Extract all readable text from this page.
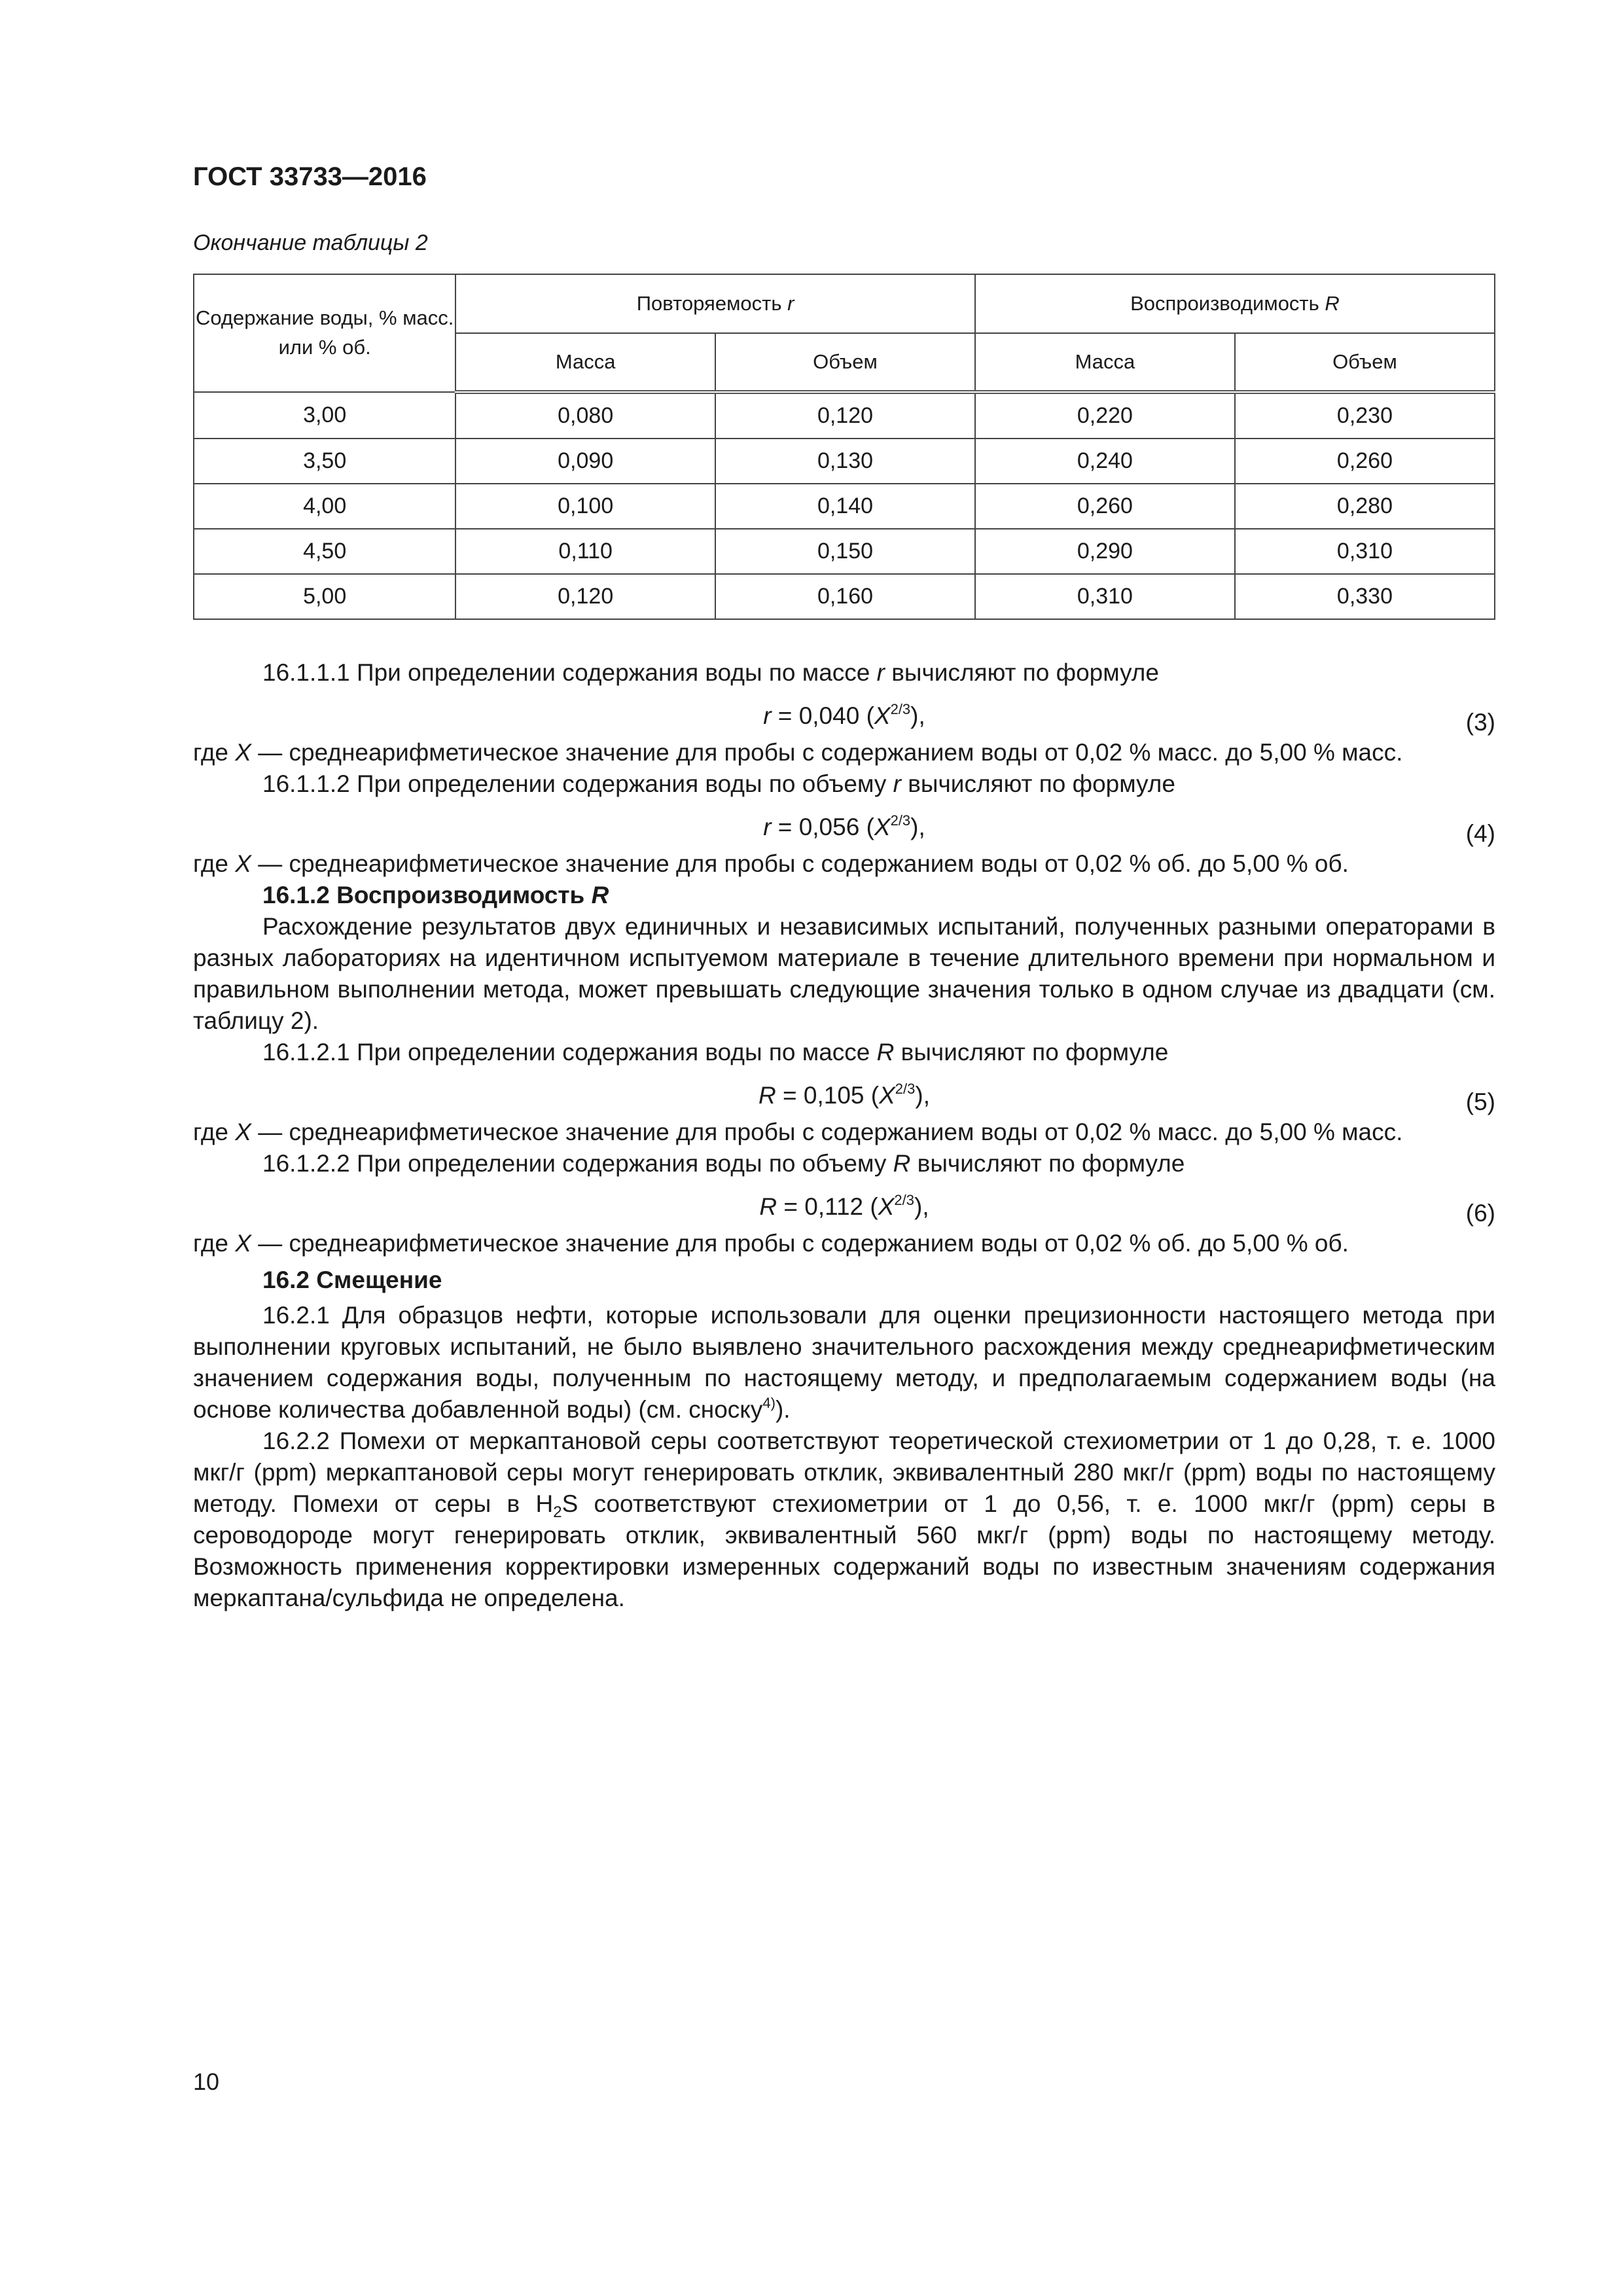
ГОСТ 33733—2016
Окончание таблицы 2
Содержание воды, % масс. или % об.	Повторяемость r		Воспроизводимость R	
	Масса	Объем	Масса	Объем
3,00	0,080	0,120	0,220	0,230
3,50	0,090	0,130	0,240	0,260
4,00	0,100	0,140	0,260	0,280
4,50	0,110	0,150	0,290	0,310
5,00	0,120	0,160	0,310	0,330

16.1.1.1 При определении содержания воды по массе r вычисляют по формуле

r = 0,040 $(X^{2/3})$,	(3)

где X — среднеарифметическое значение для пробы с содержанием воды от 0,02 % масс. до 5,00 % масс.

16.1.1.2 При определении содержания воды по объему r вычисляют по формуле

r = 0,056 $(X^{2/3})$,	(4)

где X — среднеарифметическое значение для пробы с содержанием воды от 0,02 % об. до 5,00 % об.

16.1.2 Воспроизводимость R

Расхождение результатов двух единичных и независимых испытаний, полученных разными операторами в разных лабораториях на идентичном испытуемом материале в течение длительного времени при нормальном и правильном выполнении метода, может превышать следующие значения только в одном случае из двадцати (см. таблицу 2).

16.1.2.1 При определении содержания воды по массе R вычисляют по формуле

R = 0,105 $(X^{2/3})$,	(5)

где X — среднеарифметическое значение для пробы с содержанием воды от 0,02 % масс. до 5,00 % масс.

16.1.2.2 При определении содержания воды по объему R вычисляют по формуле

R = 0,112 $(X^{2/3})$,	(6)

где X — среднеарифметическое значение для пробы с содержанием воды от 0,02 % об. до 5,00 % об.

16.2 Смещение

16.2.1 Для образцов нефти, которые использовали для оценки прецизионности настоящего метода при выполнении круговых испытаний, не было выявлено значительного расхождения между среднеарифметическим значением содержания воды, полученным по настоящему методу, и предполагаемым содержанием воды (на основе количества добавленной воды) (см. сноску$^{4)}$).

16.2.2 Помехи от меркаптановой серы соответствуют теоретической стехиометрии от 1 до 0,28, т. е. 1000 мкг/г (ppm) меркаптановой серы могут генерировать отклик, эквивалентный 280 мкг/г (ppm) воды по настоящему методу. Помехи от серы в $H_2S$ соответствуют стехиометрии от 1 до 0,56, т. е. 1000 мкг/г (ppm) серы в сероводороде могут генерировать отклик, эквивалентный 560 мкг/г (ppm) воды по настоящему методу. Возможность применения корректировки измеренных содержаний воды по известным значениям содержания меркаптана/сульфида не определена.

10
